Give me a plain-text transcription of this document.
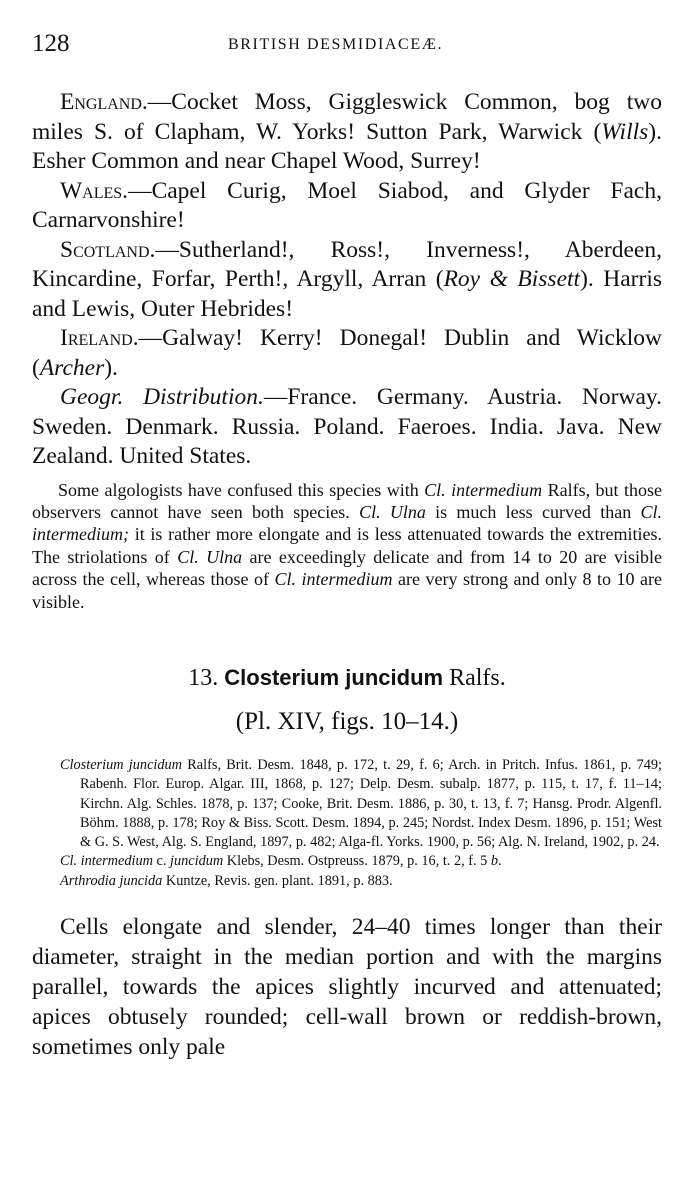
128	BRITISH DESMIDIACEÆ.

England.—Cocket Moss, Giggleswick Common, bog two miles S. of Clapham, W. Yorks! Sutton Park, Warwick (Wills). Esher Common and near Chapel Wood, Surrey!

Wales.—Capel Curig, Moel Siabod, and Glyder Fach, Carnarvonshire!

Scotland.—Sutherland!, Ross!, Inverness!, Aberdeen, Kincardine, Forfar, Perth!, Argyll, Arran (Roy & Bissett). Harris and Lewis, Outer Hebrides!

Ireland.—Galway! Kerry! Donegal! Dublin and Wicklow (Archer).

Geogr. Distribution.—France. Germany. Austria. Norway. Sweden. Denmark. Russia. Poland. Faeroes. India. Java. New Zealand. United States.

Some algologists have confused this species with Cl. intermedium Ralfs, but those observers cannot have seen both species. Cl. Ulna is much less curved than Cl. intermedium; it is rather more elongate and is less attenuated towards the extremities. The striolations of Cl. Ulna are exceedingly delicate and from 14 to 20 are visible across the cell, whereas those of Cl. intermedium are very strong and only 8 to 10 are visible.
13. Closterium juncidum Ralfs.
(Pl. XIV, figs. 10–14.)

Closterium juncidum Ralfs, Brit. Desm. 1848, p. 172, t. 29, f. 6; Arch. in Pritch. Infus. 1861, p. 749; Rabenh. Flor. Europ. Algar. III, 1868, p. 127; Delp. Desm. subalp. 1877, p. 115, t. 17, f. 11–14; Kirchn. Alg. Schles. 1878, p. 137; Cooke, Brit. Desm. 1886, p. 30, t. 13, f. 7; Hansg. Prodr. Algenfl. Böhm. 1888, p. 178; Roy & Biss. Scott. Desm. 1894, p. 245; Nordst. Index Desm. 1896, p. 151; West & G. S. West, Alg. S. England, 1897, p. 482; Alga-fl. Yorks. 1900, p. 56; Alg. N. Ireland, 1902, p. 24.

Cl. intermedium c. juncidum Klebs, Desm. Ostpreuss. 1879, p. 16, t. 2, f. 5 b.

Arthrodia juncida Kuntze, Revis. gen. plant. 1891, p. 883.

Cells elongate and slender, 24–40 times longer than their diameter, straight in the median portion and with the margins parallel, towards the apices slightly incurved and attenuated; apices obtusely rounded; cell-wall brown or reddish-brown, sometimes only pale
